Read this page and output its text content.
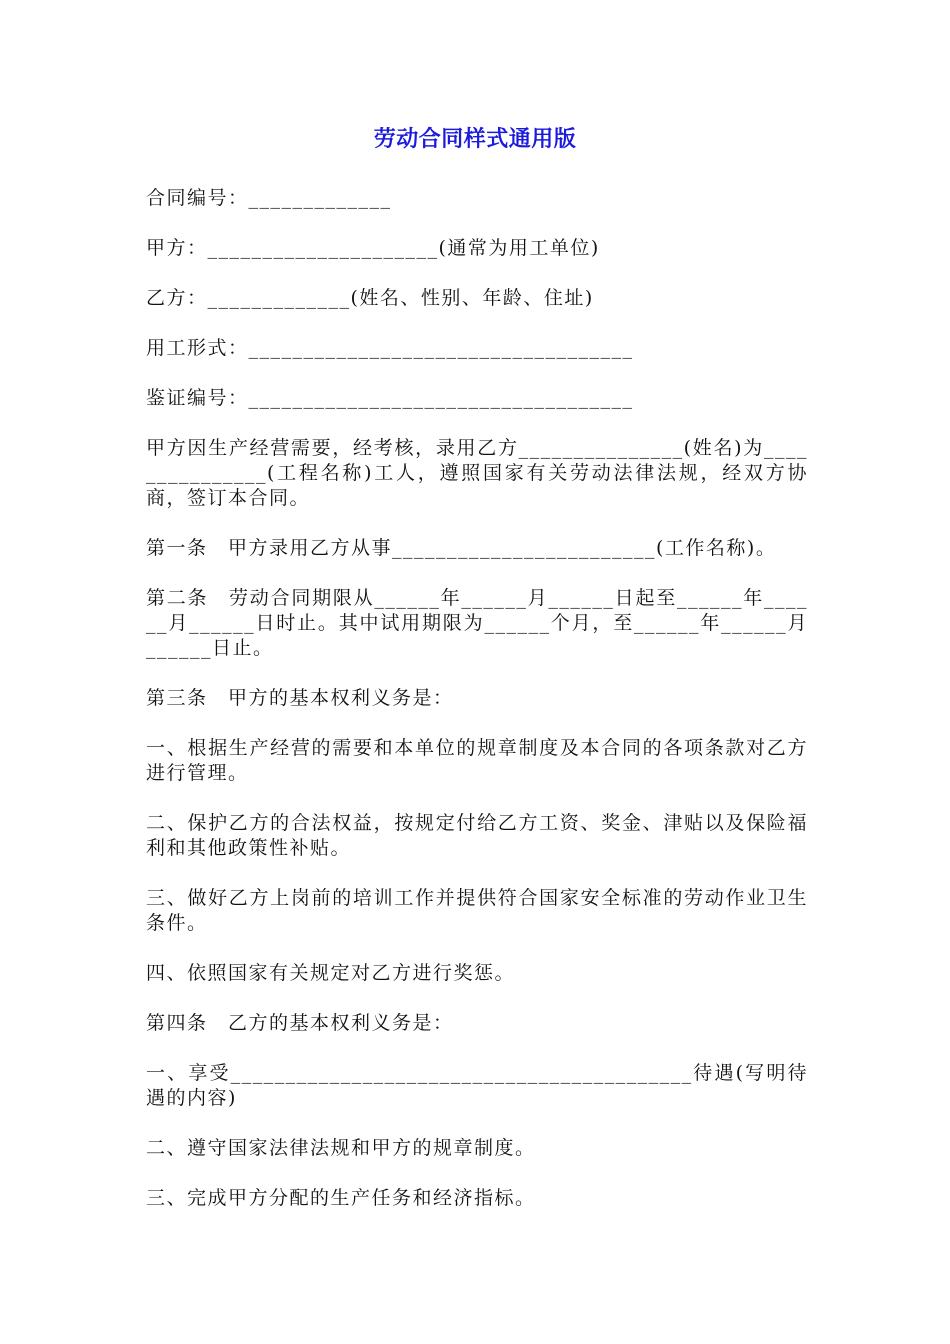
劳动合同样式通用版

合同编号：_____________

甲方：_____________________(通常为用工单位)

乙方：_____________(姓名、性别、年龄、住址)

用工形式：___________________________________

鉴证编号：___________________________________

甲方因生产经营需要，经考核，录用乙方_______________(姓名)为_______________(工程名称)工人，遵照国家有关劳动法律法规，经双方协商，签订本合同。

第一条　甲方录用乙方从事________________________(工作名称)。

第二条　劳动合同期限从______年______月______日起至______年______月______日时止。其中试用期限为______个月，至______年______月______日止。

第三条　甲方的基本权利义务是：

一、根据生产经营的需要和本单位的规章制度及本合同的各项条款对乙方进行管理。

二、保护乙方的合法权益，按规定付给乙方工资、奖金、津贴以及保险福利和其他政策性补贴。

三、做好乙方上岗前的培训工作并提供符合国家安全标准的劳动作业卫生条件。

四、依照国家有关规定对乙方进行奖惩。

第四条　乙方的基本权利义务是：

一、享受__________________________________________待遇(写明待遇的内容)

二、遵守国家法律法规和甲方的规章制度。

三、完成甲方分配的生产任务和经济指标。
